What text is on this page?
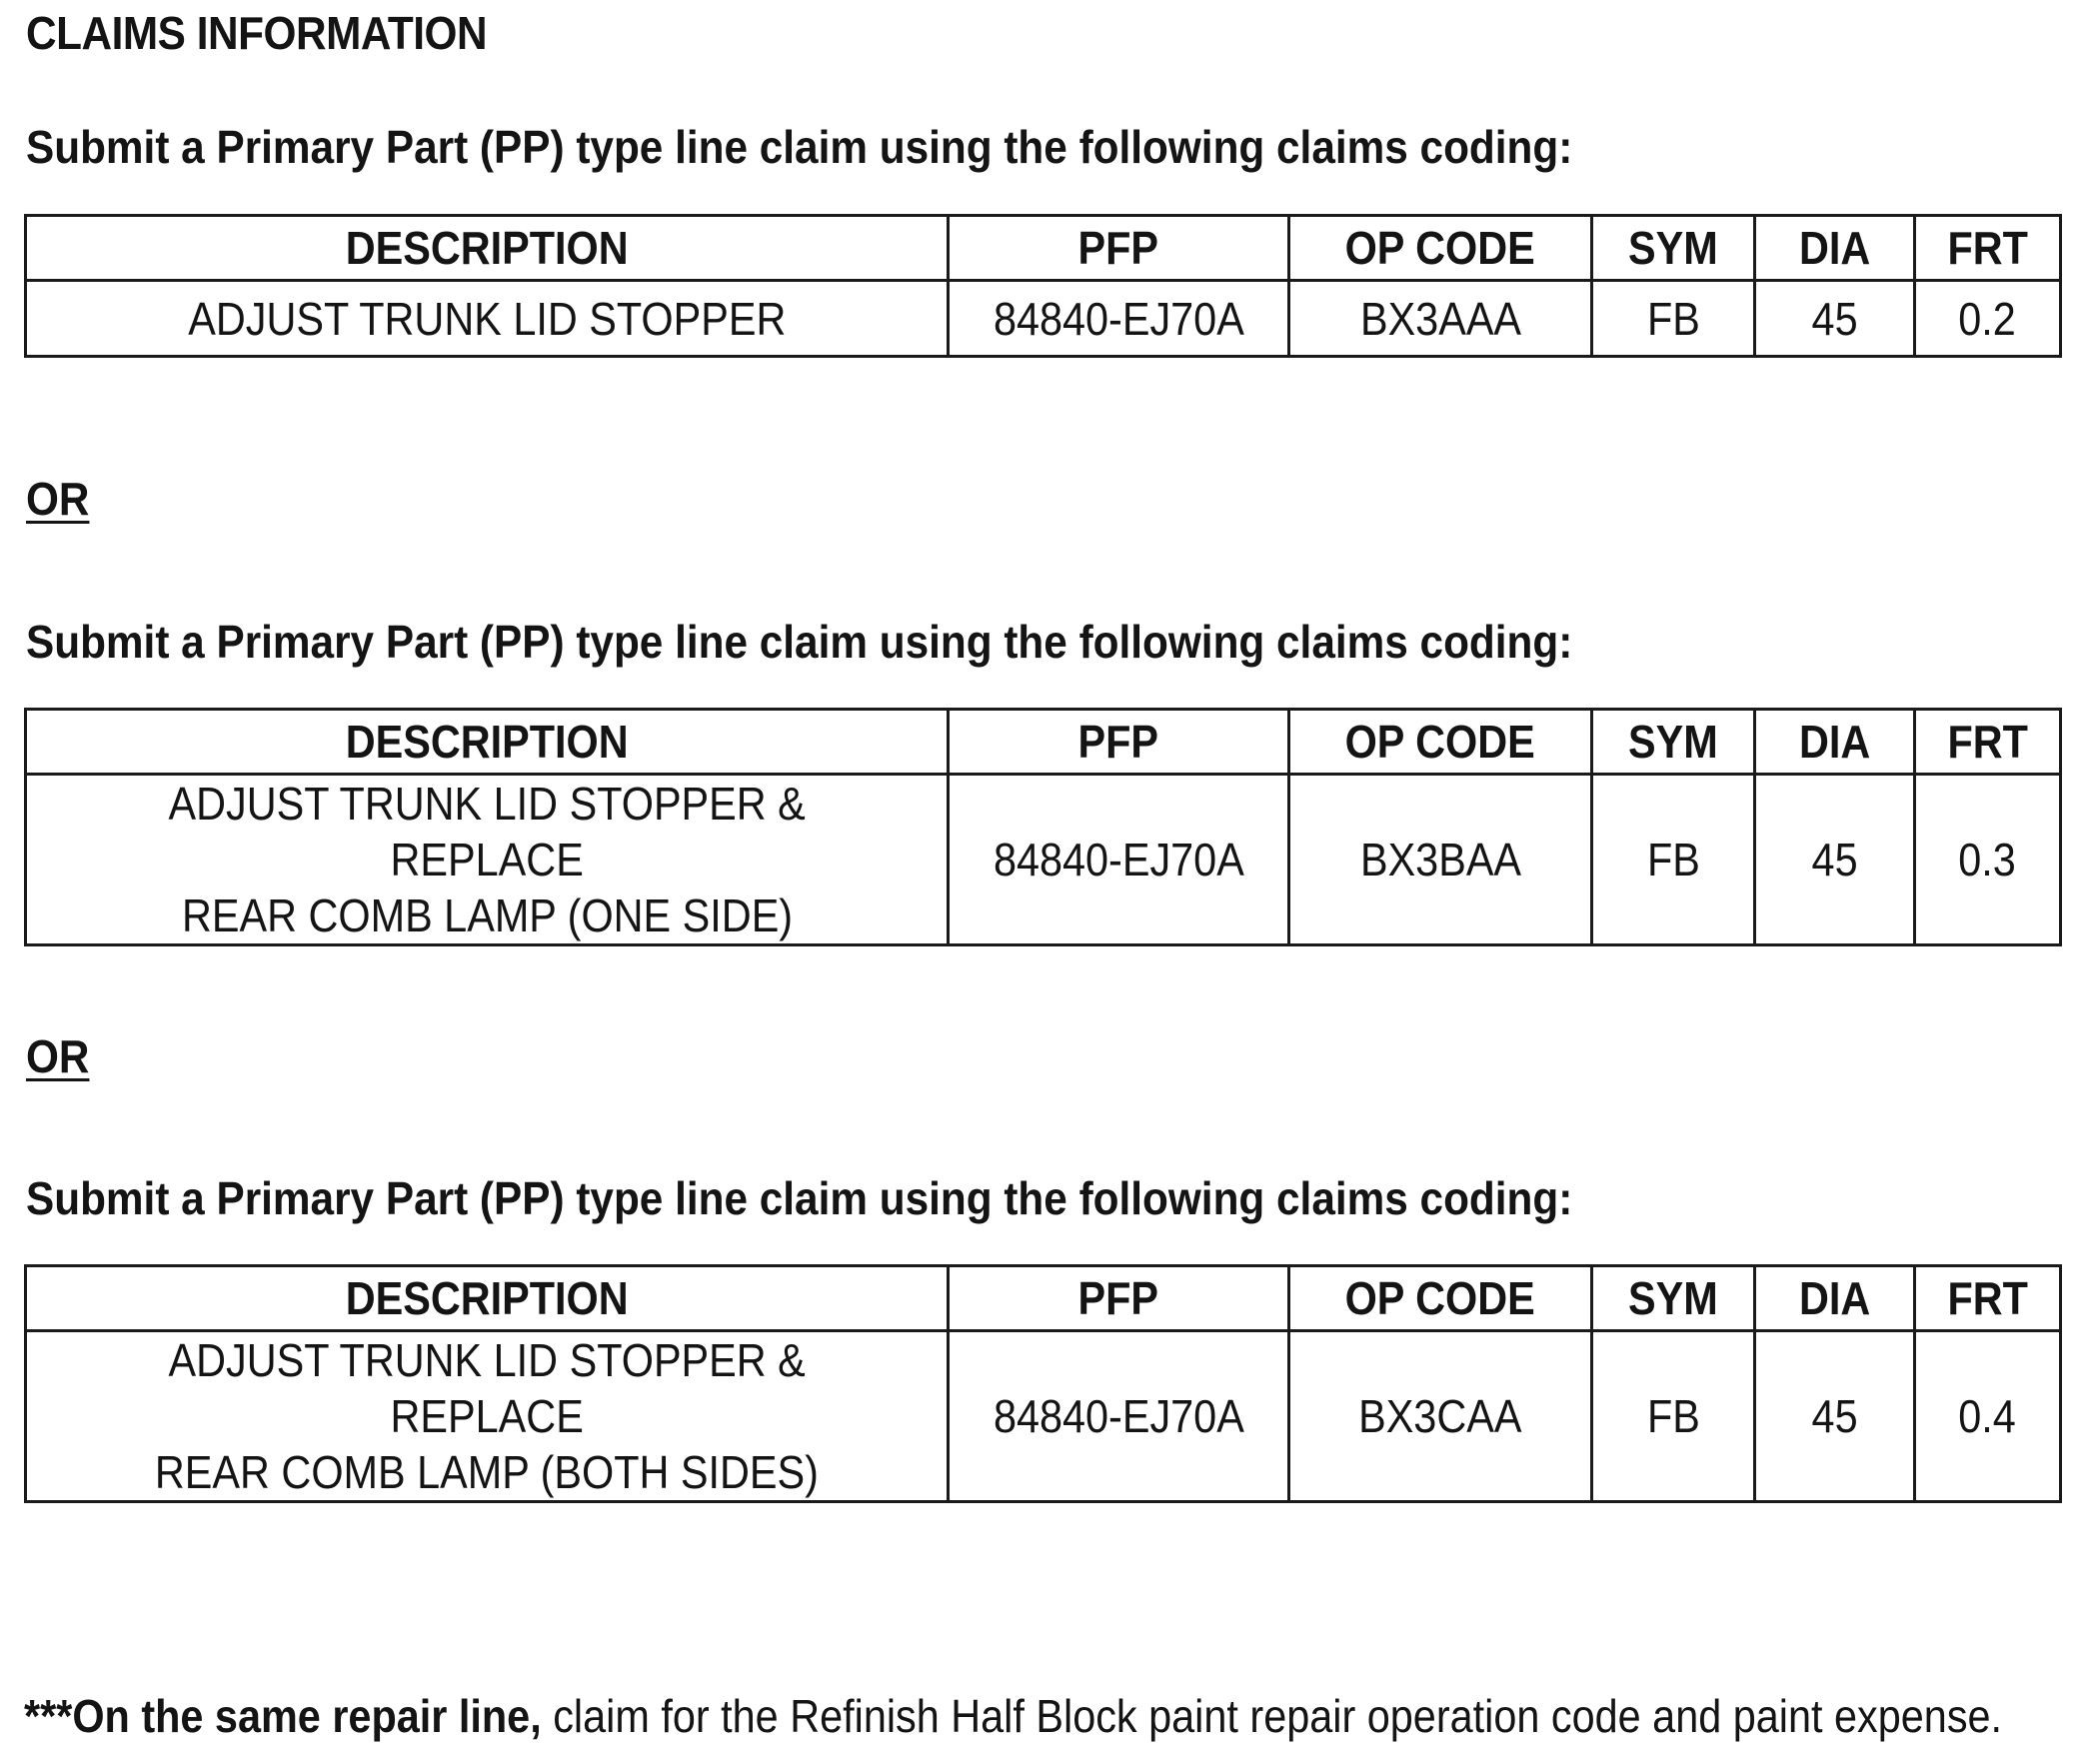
CLAIMS INFORMATION
Submit a Primary Part (PP) type line claim using the following claims coding:
DESCRIPTION	PFP	OP CODE	SYM	DIA	FRT
ADJUST TRUNK LID STOPPER	84840-EJ70A	BX3AAA	FB	45	0.2
OR
Submit a Primary Part (PP) type line claim using the following claims coding:
DESCRIPTION	PFP	OP CODE	SYM	DIA	FRT
ADJUST TRUNK LID STOPPER & REPLACE
REAR COMB LAMP (ONE SIDE)	84840-EJ70A	BX3BAA	FB	45	0.3
OR
Submit a Primary Part (PP) type line claim using the following claims coding:
DESCRIPTION	PFP	OP CODE	SYM	DIA	FRT
ADJUST TRUNK LID STOPPER & REPLACE
REAR COMB LAMP (BOTH SIDES)	84840-EJ70A	BX3CAA	FB	45	0.4
***On the same repair line, claim for the Refinish Half Block paint repair operation code and paint expense.
